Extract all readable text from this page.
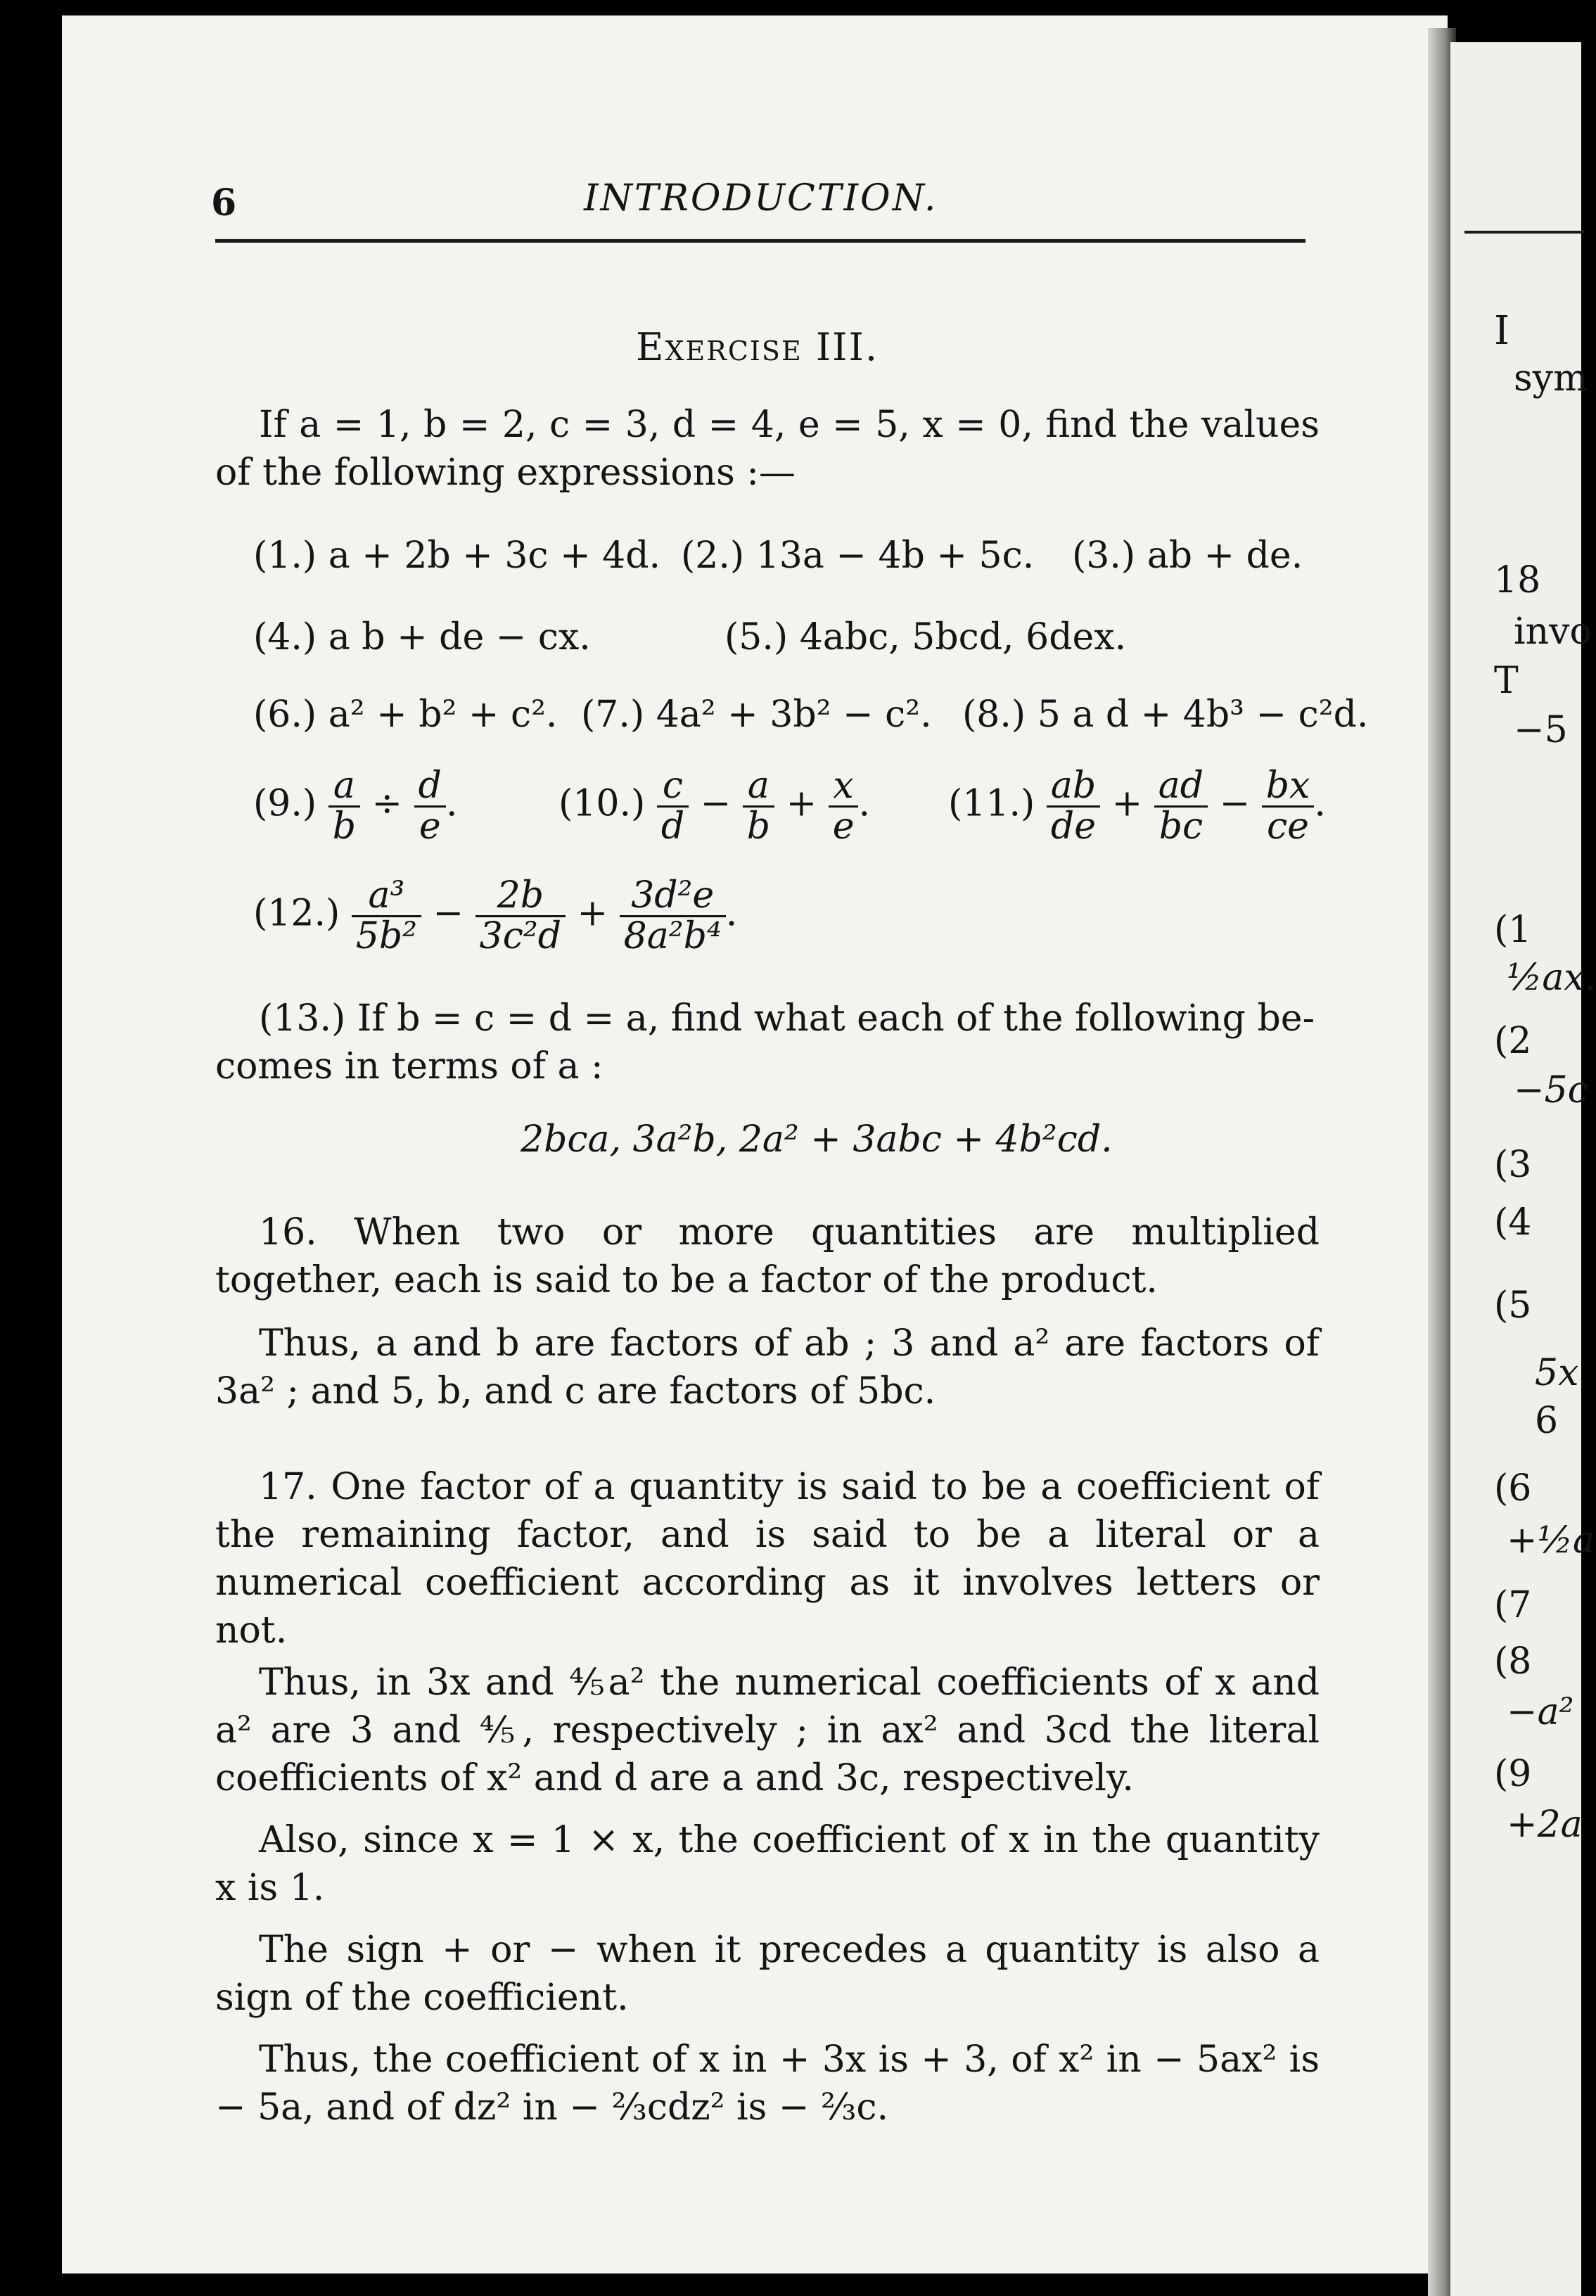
I
sym
18
invo
T
−5
(1
½ax.
(2
−5c
(3
(4
(5
5x
6
(6
+½a
(7
(8
−a²
(9
+2a
6	INTRODUCTION.
Exercise III.

If a = 1, b = 2, c = 3, d = 4, e = 5, x = 0, find the values of the following expressions :—

(1.) a + 2b + 3c + 4d. (2.) 13a − 4b + 5c. (3.) ab + de.
(4.) a b + de − cx.	(5.) 4abc, 5bcd, 6dex.
(6.) a² + b² + c². (7.) 4a² + 3b² − c². (8.) 5 a d + 4b³ − c²d.
$(9.) \frac{a}{b} \div \frac{d}{e}$ .	$(10.) \frac{c}{d} - \frac{a}{b} + \frac{x}{e}$ . $(11.) \frac{ab}{de} + \frac{ad}{bc} - \frac{bx}{ce}$ .
$(12.) \frac{\text{a³}}{\text{5b²}} - \frac{2b}{\text{3c²d}} + \frac{\text{3d²e}}{\text{8a²b⁴}}$ .

(13.) If b = c = d = a, find what each of the following be-

comes in terms of a :

2bca, 3a²b, 2a² + 3abc + 4b²cd.

16. When two or more quantities are multiplied together, each is said to be a factor of the product.

Thus, a and b are factors of ab ; 3 and a² are factors of 3a² ; and 5, b, and c are factors of 5bc.

17. One factor of a quantity is said to be a coefficient of the remaining factor, and is said to be a literal or a numerical coefficient according as it involves letters or not.

Thus, in 3x and ⅘a² the numerical coefficients of x and a² are 3 and ⅘, respectively ; in ax² and 3cd the literal coefficients of x² and d are a and 3c, respectively.

Also, since x = 1 × x, the coefficient of x in the quantity x is 1.

The sign + or − when it precedes a quantity is also a sign of the coefficient.

Thus, the coefficient of x in + 3x is + 3, of x² in − 5ax² is − 5a, and of dz² in − ⅔cdz² is − ⅔c.
